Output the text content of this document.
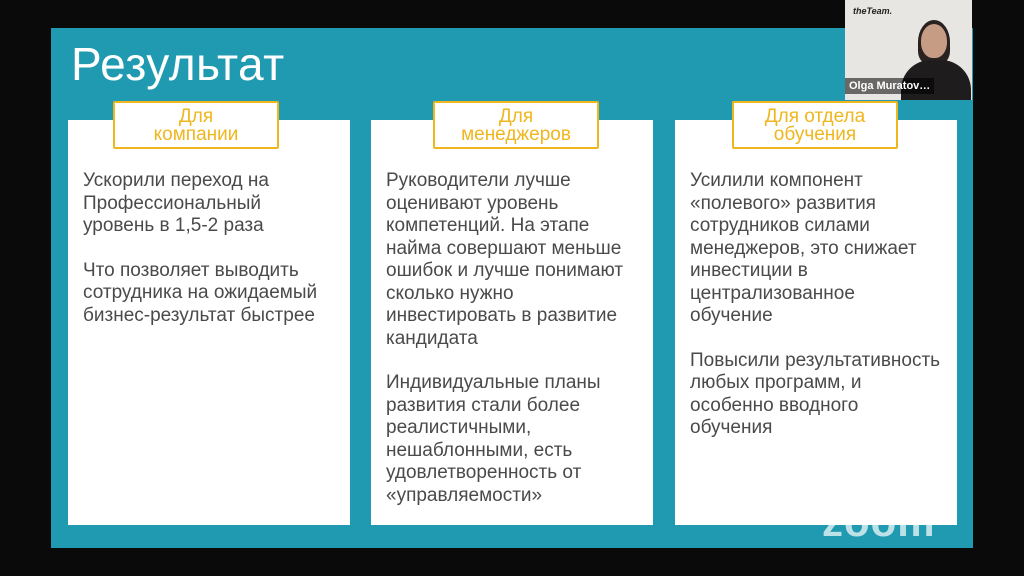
Результат
Для
компании

Ускорили переход на
Профессиональный
уровень в 1,5-2 раза

Что позволяет выводить
сотрудника на ожидаемый
бизнес-результат быстрее

Для
менеджеров

Руководители лучше
оценивают уровень
компетенций. На этапе
найма совершают меньше
ошибок и лучше понимают
сколько нужно
инвестировать в развитие
кандидата

Индивидуальные планы
развития стали более
реалистичными,
нешаблонными, есть
удовлетворенность от
«управляемости»

Для отдела
обучения

Усилили компонент
«полевого» развития
сотрудников силами
менеджеров, это снижает
инвестиции в
централизованное
обучение

Повысили результативность
любых программ, и
особенно вводного
обучения

theTeam.
Olga Muratov…
zoom
